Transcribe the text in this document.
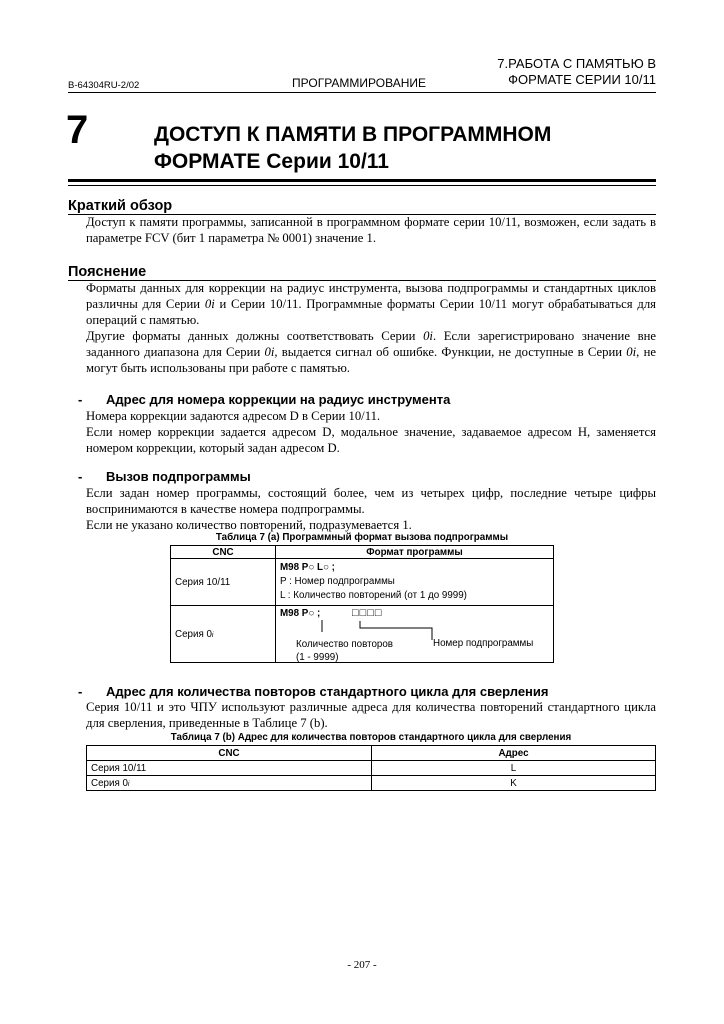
B-64304RU-2/02	ПРОГРАММИРОВАНИЕ
7.РАБОТА С ПАМЯТЬЮ В
ФОРМАТЕ СЕРИИ 10/11
7	ДОСТУП К ПАМЯТИ В ПРОГРАММНОМ
ФОРМАТЕ Серии 10/11
Краткий обзор
Доступ к памяти программы, записанной в программном формате серии 10/11, возможен, если задать в параметре FCV (бит 1 параметра № 0001) значение 1.
Пояснение

Форматы данных для коррекции на радиус инструмента, вызова подпрограммы и стандартных циклов различны для Серии 0i и Серии 10/11. Программные форматы Серии 10/11 могут обрабатываться для операций с памятью.

Другие форматы данных должны соответствовать Серии 0i. Если зарегистрировано значение вне заданного диапазона для Серии 0i, выдается сигнал об ошибке. Функции, не доступные в Серии 0i, не могут быть использованы при работе с памятью.

- Адрес для номера коррекции на радиус инструмента

Номера коррекции задаются адресом D в Серии 10/11.

Если номер коррекции задается адресом D, модальное значение, задаваемое адресом H, заменяется номером коррекции, который задан адресом D.

- Вызов подпрограммы

Если задан номер программы, состоящий более, чем из четырех цифр, последние четыре цифры воспринимаются в качестве номера подпрограммы.

Если не указано количество повторений, подразумевается 1.

Таблица 7 (a) Программный формат вызова подпрограммы
CNC	Формат программы
Серия 10/11	M98 P○ L○ ;
P : Номер подпрограммы
L : Количество повторений (от 1 до 9999)

Серия 0i	M98 P○ ; □□□□
Количество повторов
(1 - 9999)
Номер подпрограммы
- Адрес для количества повторов стандартного цикла для сверления
Серия 10/11 и это ЧПУ используют различные адреса для количества повторений стандартного цикла для сверления, приведенные в Таблице 7 (b).
Таблица 7 (b) Адрес для количества повторов стандартного цикла для сверления
CNC	Адрес
Серия 10/11	L
Серия 0i	K
- 207 -
